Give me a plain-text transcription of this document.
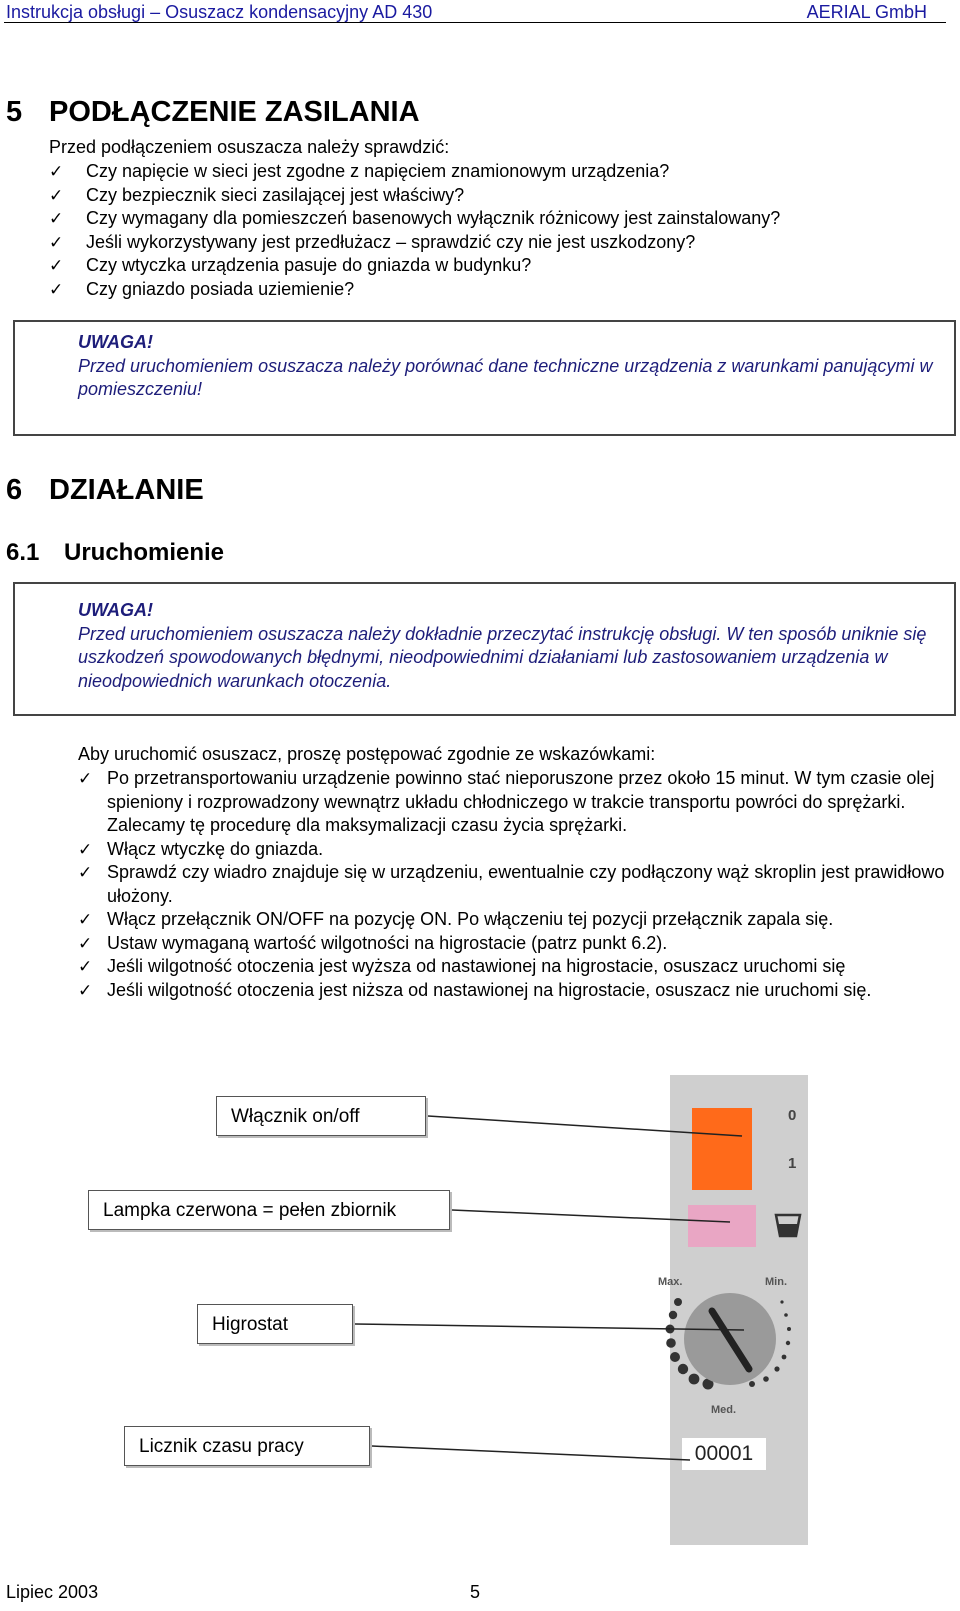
Instrukcja obsługi – Osuszacz kondensacyjny AD 430	AERIAL GmbH
5 PODŁĄCZENIE ZASILANIA
Przed podłączeniem osuszacza należy sprawdzić:
✓ Czy napięcie w sieci jest zgodne z napięciem znamionowym urządzenia?
✓ Czy bezpiecznik sieci zasilającej jest właściwy?
✓ Czy wymagany dla pomieszczeń basenowych wyłącznik różnicowy jest zainstalowany?
✓ Jeśli wykorzystywany jest przedłużacz – sprawdzić czy nie jest uszkodzony?
✓ Czy wtyczka urządzenia pasuje do gniazda w budynku?
✓ Czy gniazdo posiada uziemienie?
UWAGA!
Przed uruchomieniem osuszacza należy porównać dane techniczne urządzenia z warunkami panującymi w pomieszczeniu!
6 DZIAŁANIE
6.1 Uruchomienie
UWAGA!
Przed uruchomieniem osuszacza należy dokładnie przeczytać instrukcję obsługi. W ten sposób uniknie się uszkodzeń spowodowanych błędnymi, nieodpowiednimi działaniami lub zastosowaniem urządzenia w nieodpowiednich warunkach otoczenia.
Aby uruchomić osuszacz, proszę postępować zgodnie ze wskazówkami:
✓ Po przetransportowaniu urządzenie powinno stać nieporuszone przez około 15 minut. W tym czasie olej spieniony i rozprowadzony wewnątrz układu chłodniczego w trakcie transportu powróci do sprężarki. Zalecamy tę procedurę dla maksymalizacji czasu życia sprężarki.
✓ Włącz wtyczkę do gniazda.
✓ Sprawdź czy wiadro znajduje się w urządzeniu, ewentualnie czy podłączony wąż skroplin jest prawidłowo ułożony.
✓ Włącz przełącznik ON/OFF na pozycję ON. Po włączeniu tej pozycji przełącznik zapala się.
✓ Ustaw wymaganą wartość wilgotności na higrostacie (patrz punkt 6.2).
✓ Jeśli wilgotność otoczenia jest wyższa od nastawionej na higrostacie, osuszacz uruchomi się
✓ Jeśli wilgotność otoczenia jest niższa od nastawionej na higrostacie, osuszacz nie uruchomi się.
0
1
Max.	Min.
Med.
00001
Włącznik on/off
Lampka czerwona = pełen zbiornik
Higrostat
Licznik czasu pracy
Lipiec 2003	5
